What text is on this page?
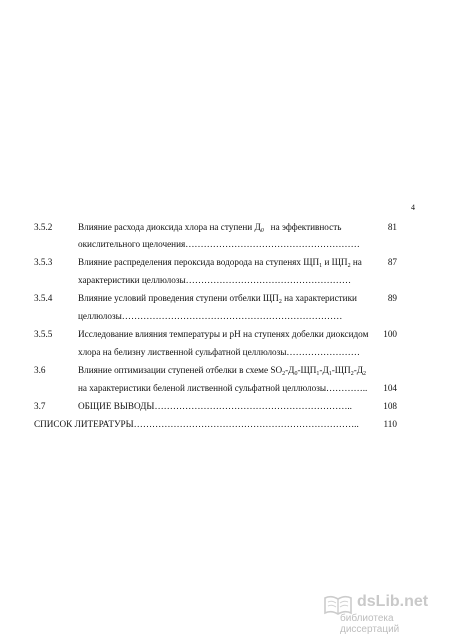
4
3.5.2	Влияние расхода диоксида хлора на ступени $Д_0$ на эффективность	81
окислительного щелочения…………………………………………………
3.5.3	Влияние распределения пероксида водорода на ступенях $ЩП_1$ и $ЩП_2$ на	87
характеристики целлюлозы………………………………………………
3.5.4	Влияние условий проведения ступени отбелки $ЩП_2$ на характеристики	89
целлюлозы………………………………………………………………
3.5.5	Исследование влияния температуры и pH на ступенях добелки диоксидом	100
хлора на белизну лиственной сульфатной целлюлозы……………………
3.6	Влияние оптимизации ступеней отбелки в схеме $SO_2-Д_0-ЩП_1-Д_1-ЩП_2-Д_2$
на характеристики беленой лиственной сульфатной целлюлозы…………..	104
3.7	ОБЩИЕ ВЫВОДЫ………………………………………………………..	108
СПИСОК ЛИТЕРАТУРЫ………………………………………………………………..	110
dsLib.net
библиотека диссертаций
